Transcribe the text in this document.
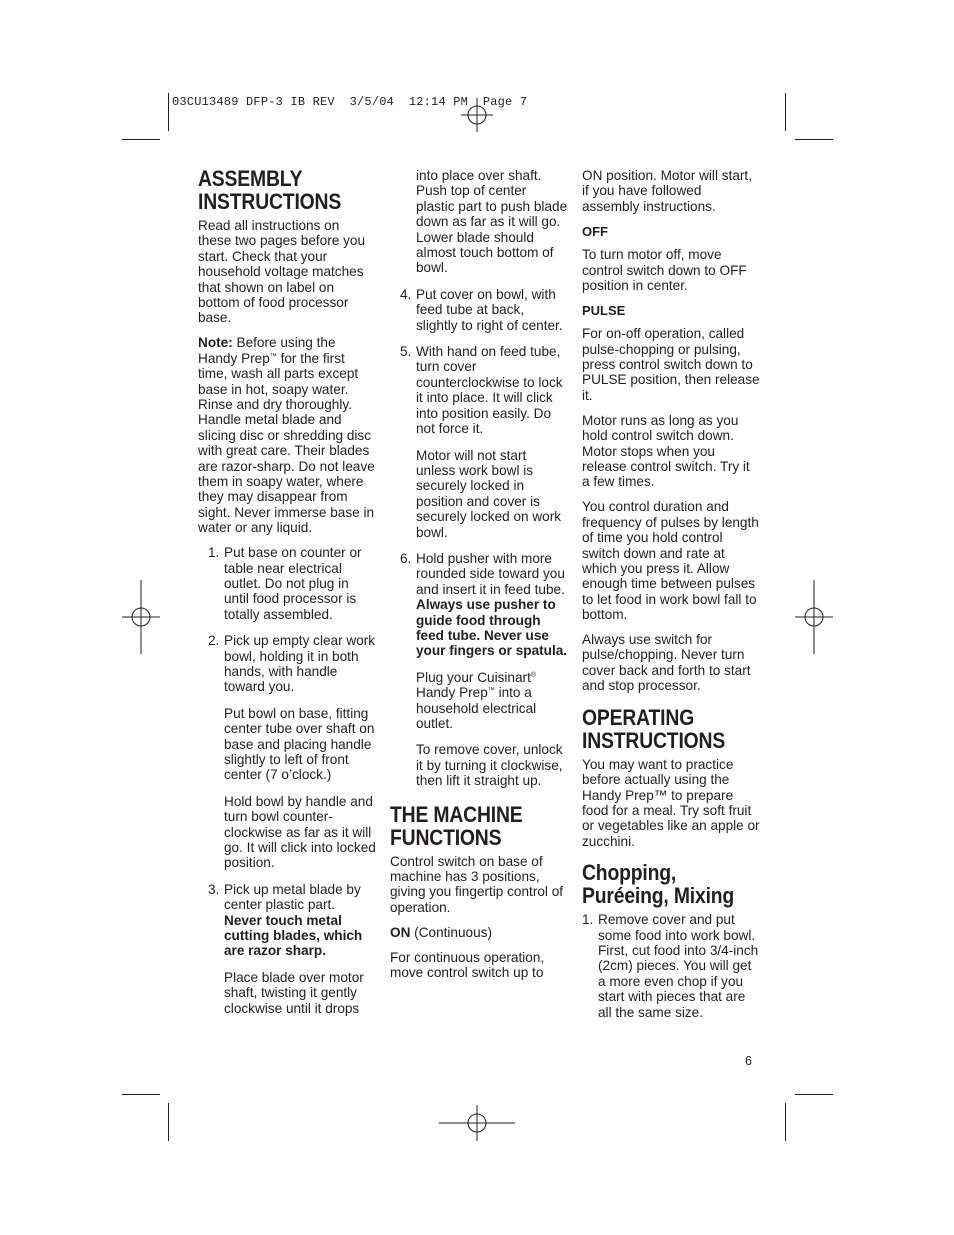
03CU13489 DFP-3 IB REV  3/5/04  12:14 PM  Page 7
ASSEMBLY
INSTRUCTIONS

Read all instructions on these two pages before you start. Check that your household voltage matches that shown on label on bottom of food processor base.

Note: Before using the Handy Prep™ for the first time, wash all parts except base in hot, soapy water. Rinse and dry thoroughly. Handle metal blade and slicing disc or shredding disc with great care. Their blades are razor-sharp. Do not leave them in soapy water, where they may disappear from sight. Never immerse base in water or any liquid.

1. Put base on counter or table near electrical outlet. Do not plug in until food processor is totally assembled.

2. Pick up empty clear work bowl, holding it in both hands, with handle toward you.

Put bowl on base, fitting center tube over shaft on base and placing handle slightly to left of front center (7 o’clock.)

Hold bowl by handle and turn bowl counter-clockwise as far as it will go. It will click into locked position.

3. Pick up metal blade by center plastic part. Never touch metal cutting blades, which are razor sharp.

Place blade over motor shaft, twisting it gently clockwise until it drops

into place over shaft. Push top of center plastic part to push blade down as far as it will go. Lower blade should almost touch bottom of bowl.

4. Put cover on bowl, with feed tube at back, slightly to right of center.

5. With hand on feed tube, turn cover counterclockwise to lock it into place. It will click into position easily. Do not force it.

Motor will not start unless work bowl is securely locked in position and cover is securely locked on work bowl.

6. Hold pusher with more rounded side toward you and insert it in feed tube. Always use pusher to guide food through feed tube. Never use your fingers or spatula.

Plug your Cuisinart® Handy Prep™ into a household electrical outlet.

To remove cover, unlock it by turning it clockwise, then lift it straight up.

THE MACHINE
FUNCTIONS

Control switch on base of machine has 3 positions, giving you fingertip control of operation.

ON (Continuous)

For continuous operation, move control switch up to

ON position. Motor will start, if you have followed assembly instructions.

OFF

To turn motor off, move control switch down to OFF position in center.

PULSE

For on-off operation, called pulse-chopping or pulsing, press control switch down to PULSE position, then release it.

Motor runs as long as you hold control switch down. Motor stops when you release control switch. Try it a few times.

You control duration and frequency of pulses by length of time you hold control switch down and rate at which you press it. Allow enough time between pulses to let food in work bowl fall to bottom.

Always use switch for pulse/chopping. Never turn cover back and forth to start and stop processor.

OPERATING
INSTRUCTIONS

You may want to practice before actually using the Handy Prep™ to prepare food for a meal. Try soft fruit or vegetables like an apple or zucchini.

Chopping,
Puréeing, Mixing

1. Remove cover and put some food into work bowl. First, cut food into 3/4-inch (2cm) pieces. You will get a more even chop if you start with pieces that are all the same size.

6
